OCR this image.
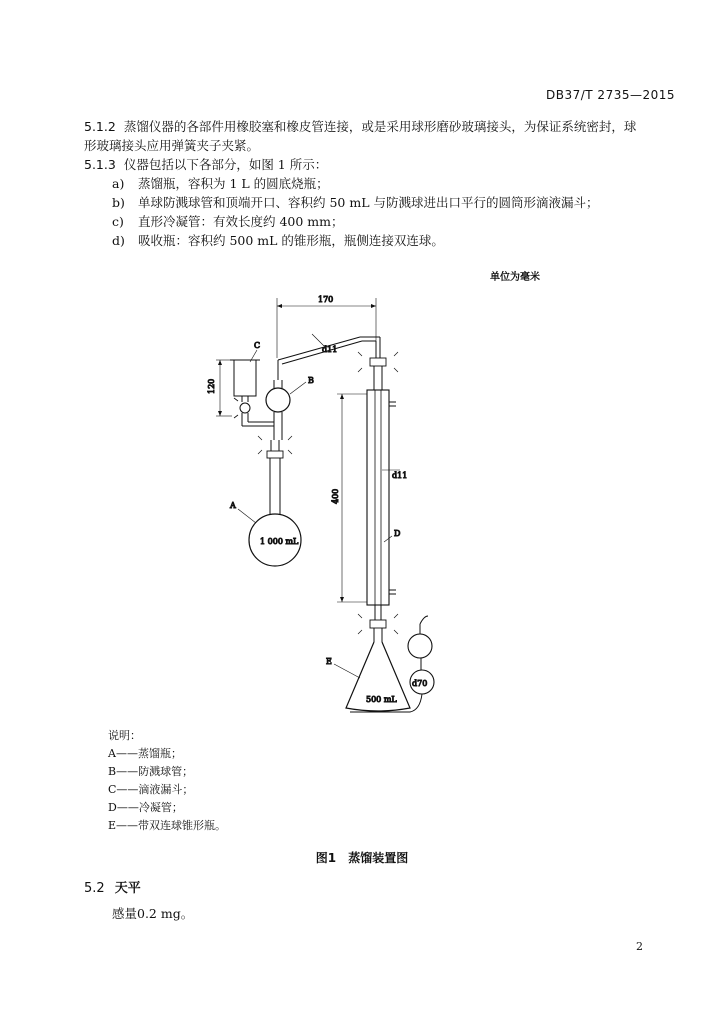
DB37/T 2735—2015
5.1.2 蒸馏仪器的各部件用橡胶塞和橡皮管连接，或是采用球形磨砂玻璃接头，为保证系统密封，球
形玻璃接头应用弹簧夹子夹紧。
5.1.3 仪器包括以下各部分，如图 1 所示：
a) 蒸馏瓶，容积为 1 L 的圆底烧瓶；
b) 单球防溅球管和顶端开口、容积约 50 mL 与防溅球进出口平行的圆筒形滴液漏斗；
c) 直形冷凝管：有效长度约 400 mm；
d) 吸收瓶：容积约 500 mL 的锥形瓶，瓶侧连接双连球。
单位为毫米
170
1 000 mL
A
B
d11
C
120
d11
D
400
500 mL
E
d70
说明：
A——蒸馏瓶；
B——防溅球管；
C——滴液漏斗；
D——冷凝管；
E——带双连球锥形瓶。
图1 蒸馏装置图
5.2 天平
感量0.2 mg。
2
